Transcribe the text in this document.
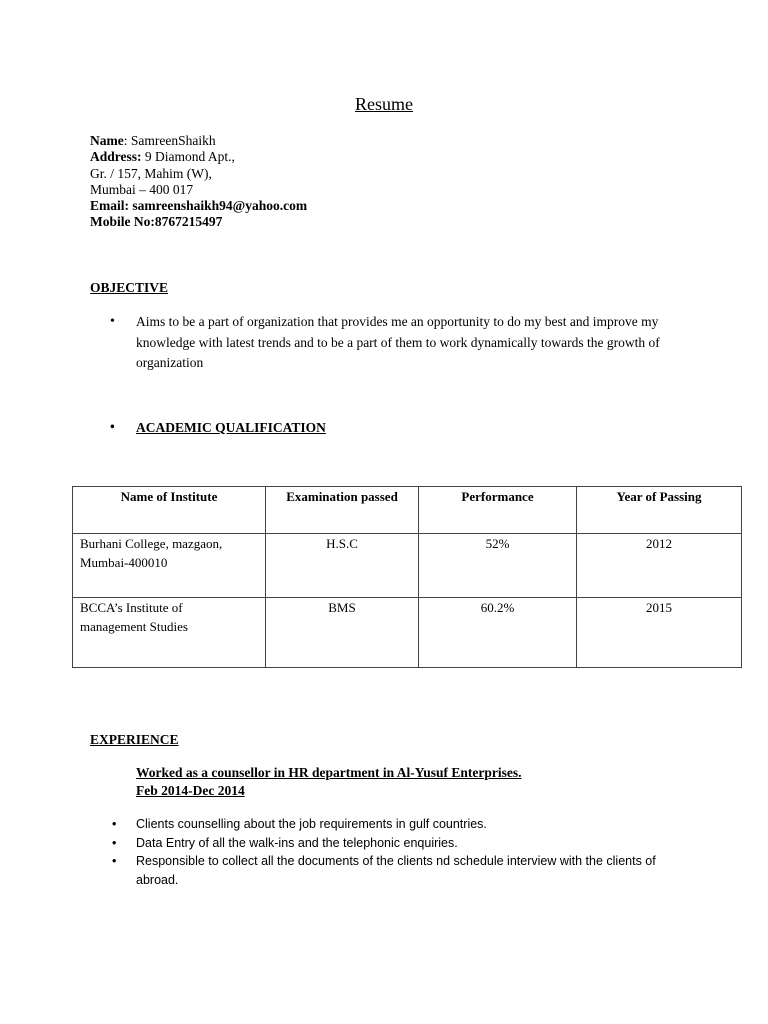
Resume
Name: SamreenShaikh
Address: 9 Diamond Apt.,
Gr. / 157, Mahim (W),
Mumbai – 400 017
Email: samreenshaikh94@yahoo.com
Mobile No:8767215497
OBJECTIVE
• Aims to be a part of organization that provides me an opportunity to do my best and improve my knowledge with latest trends and to be a part of them to work dynamically towards the growth of organization
• ACADEMIC QUALIFICATION
Name of Institute	Examination passed	Performance	Year of Passing

Burhani College, mazgaon,
Mumbai-400010	H.S.C	52%	2012

BCCA’s Institute of
management Studies	BMS	60.2%	2015
EXPERIENCE
Worked as a counsellor in HR department in Al-Yusuf Enterprises.
Feb 2014-Dec 2014
• Clients counselling about the job requirements in gulf countries.
• Data Entry of all the walk-ins and the telephonic enquiries.
• Responsible to collect all the documents of the clients nd schedule interview with the clients of abroad.
